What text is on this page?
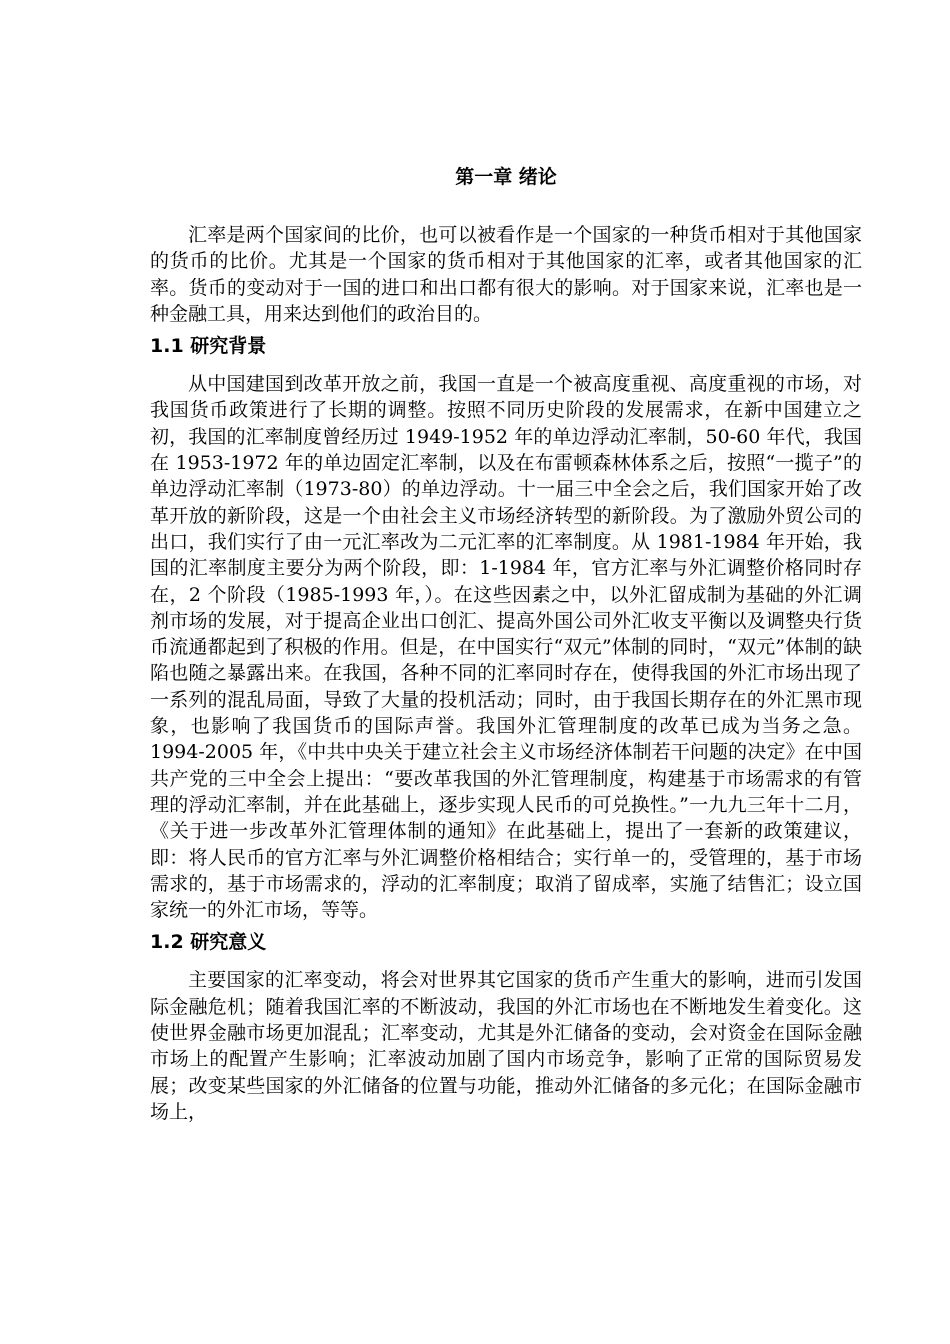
第一章 绪论

汇率是两个国家间的比价，也可以被看作是一个国家的一种货币相对于其他国家的货币的比价。尤其是一个国家的货币相对于其他国家的汇率，或者其他国家的汇率。货币的变动对于一国的进口和出口都有很大的影响。对于国家来说，汇率也是一种金融工具，用来达到他们的政治目的。

1.1 研究背景

从中国建国到改革开放之前，我国一直是一个被高度重视、高度重视的市场，对我国货币政策进行了长期的调整。按照不同历史阶段的发展需求，在新中国建立之初，我国的汇率制度曾经历过 1949-1952 年的单边浮动汇率制，50-60 年代，我国在 1953-1972 年的单边固定汇率制，以及在布雷顿森林体系之后，按照“一揽子”的单边浮动汇率制（1973-80）的单边浮动。十一届三中全会之后，我们国家开始了改革开放的新阶段，这是一个由社会主义市场经济转型的新阶段。为了激励外贸公司的出口，我们实行了由一元汇率改为二元汇率的汇率制度。从 1981-1984 年开始，我国的汇率制度主要分为两个阶段，即：1-1984 年，官方汇率与外汇调整价格同时存在，2 个阶段（1985-1993 年，）。在这些因素之中，以外汇留成制为基础的外汇调剂市场的发展，对于提高企业出口创汇、提高外国公司外汇收支平衡以及调整央行货币流通都起到了积极的作用。但是，在中国实行“双元”体制的同时，“双元”体制的缺陷也随之暴露出来。在我国，各种不同的汇率同时存在，使得我国的外汇市场出现了一系列的混乱局面，导致了大量的投机活动；同时，由于我国长期存在的外汇黑市现象，也影响了我国货币的国际声誉。我国外汇管理制度的改革已成为当务之急。1994-2005 年，《中共中央关于建立社会主义市场经济体制若干问题的决定》在中国共产党的三中全会上提出：“要改革我国的外汇管理制度，构建基于市场需求的有管理的浮动汇率制，并在此基础上，逐步实现人民币的可兑换性。”一九九三年十二月，《关于进一步改革外汇管理体制的通知》在此基础上，提出了一套新的政策建议，即：将人民币的官方汇率与外汇调整价格相结合；实行单一的，受管理的，基于市场需求的，基于市场需求的，浮动的汇率制度；取消了留成率，实施了结售汇；设立国家统一的外汇市场，等等。

1.2 研究意义

主要国家的汇率变动，将会对世界其它国家的货币产生重大的影响，进而引发国际金融危机；随着我国汇率的不断波动，我国的外汇市场也在不断地发生着变化。这使世界金融市场更加混乱；汇率变动，尤其是外汇储备的变动，会对资金在国际金融市场上的配置产生影响；汇率波动加剧了国内市场竞争，影响了正常的国际贸易发展；改变某些国家的外汇储备的位置与功能，推动外汇储备的多元化；在国际金融市场上，
